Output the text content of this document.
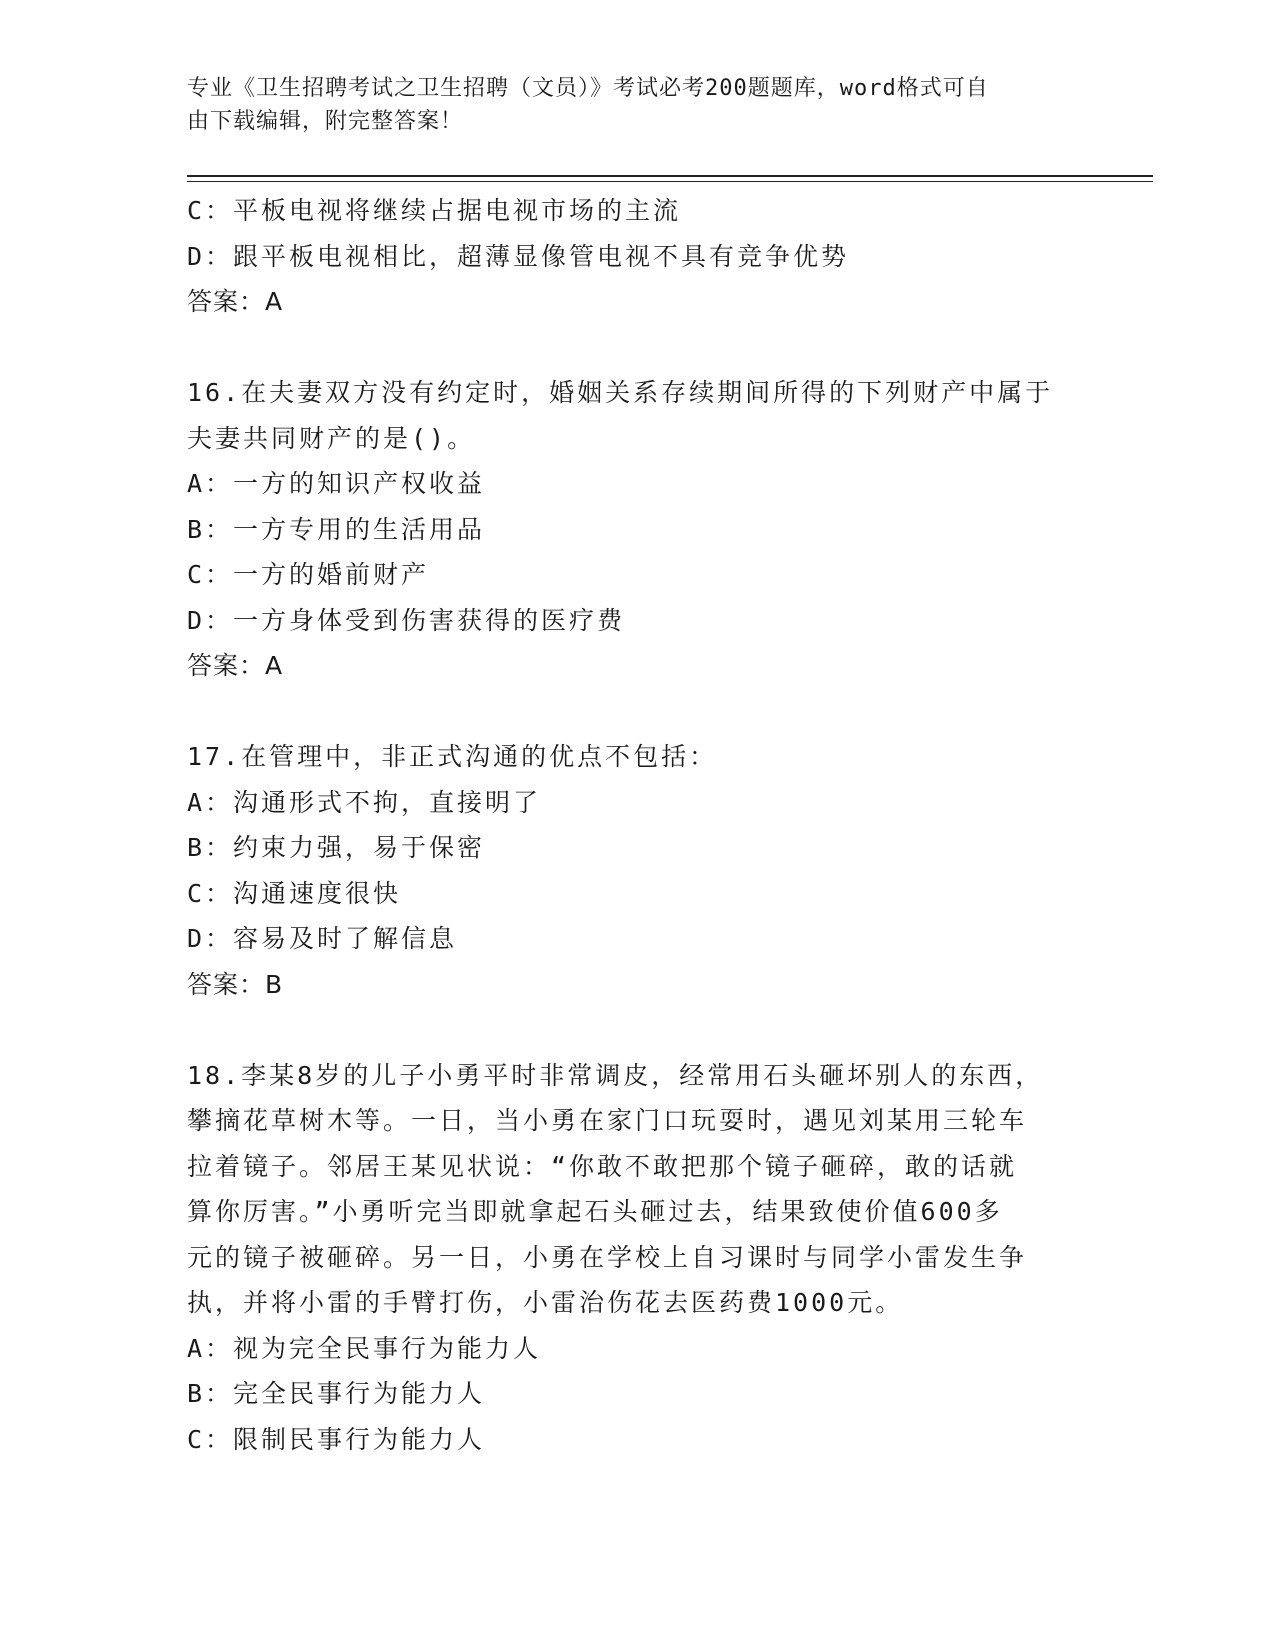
专业《卫生招聘考试之卫生招聘（文员）》考试必考200题题库，word格式可自

由下载编辑，附完整答案！

C：平板电视将继续占据电视市场的主流

D：跟平板电视相比，超薄显像管电视不具有竞争优势

答案：A

16.在夫妻双方没有约定时，婚姻关系存续期间所得的下列财产中属于

夫妻共同财产的是()。

A：一方的知识产权收益

B：一方专用的生活用品

C：一方的婚前财产

D：一方身体受到伤害获得的医疗费

答案：A

17.在管理中，非正式沟通的优点不包括：

A：沟通形式不拘，直接明了

B：约束力强，易于保密

C：沟通速度很快

D：容易及时了解信息

答案：B

18.李某8岁的儿子小勇平时非常调皮，经常用石头砸坏别人的东西，

攀摘花草树木等。一日，当小勇在家门口玩耍时，遇见刘某用三轮车

拉着镜子。邻居王某见状说：“你敢不敢把那个镜子砸碎，敢的话就

算你厉害。”小勇听完当即就拿起石头砸过去，结果致使价值600多

元的镜子被砸碎。另一日，小勇在学校上自习课时与同学小雷发生争

执，并将小雷的手臂打伤，小雷治伤花去医药费1000元。

A：视为完全民事行为能力人

B：完全民事行为能力人

C：限制民事行为能力人
